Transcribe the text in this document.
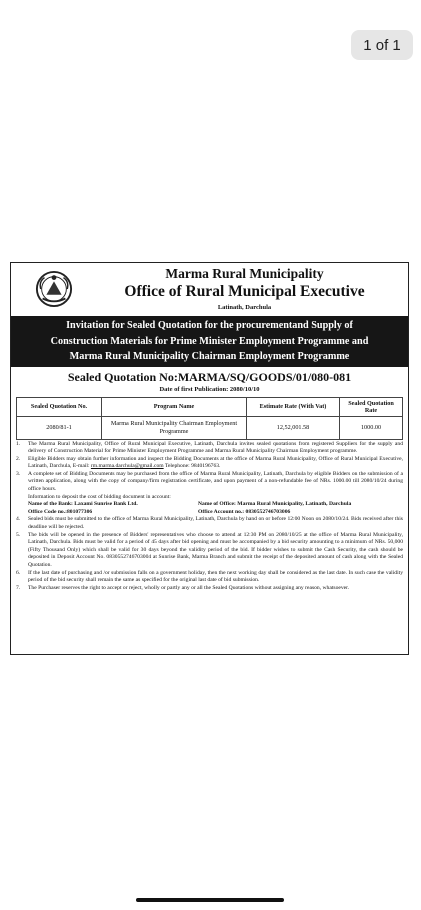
1 of 1
Marma Rural Municipality
Office of Rural Municipal Executive
Latinath, Darchula
Invitation for Sealed Quotation for the procurementand Supply of
Construction Materials for Prime Minister Employment Programme and
Marma Rural Municipality Chairman Employment Programme
Sealed Quotation No:MARMA/SQ/GOODS/01/080-081
Date of first Publication: 2080/10/10
Sealed Quotation No.	Program Name	Estimate Rate (With Vat)	Sealed Quotation Rate
2080/81-1	Marma Rural Municipality Chairman Employment Programme	12,52,001.58	1000.00
1. The Marma Rural Municipality, Office of Rural Municipal Executive, Latinath, Darchula invites sealed quotations from registered Suppliers for the supply and delivery of Construction Material for Prime Minister Employment Programme and Marma Rural Municipality Chairman Employment programme.
2. Eligible Bidders may obtain further information and inspect the Bidding Documents at the office of Marma Rural Municipality, Office of Rural Municipal Executive, Latinath, Darchula, E-mail: rm.marma.darchula@gmail.com Telephone: 9840196763.
3. A complete set of Bidding Documents may be purchased from the office of Marma Rural Municipality, Latinath, Darchula by eligible Bidders on the submission of a written application, along with the copy of company/firm registration certificate, and upon payment of a non-refundable fee of NRs. 1000.00 till 2080/10/24 during office hours.
Information to deposit the cost of bidding document in account:
Name of the Bank: Laxami Sunrise Bank Ltd.	Name of Office: Marma Rural Municipality, Latinath, Darchula
Office Code no.:801077306	Office Account no.: 0830552746703006
4. Sealed bids must be submitted to the office of Marma Rural Municipality, Latinath, Darchula by hand on or before 12:00 Noon on 2080/10/24. Bids received after this deadline will be rejected.
5. The bids will be opened in the presence of Bidders' representatives who choose to attend at 12:30 PM on 2080/10/25 at the office of Marma Rural Municipality, Latinath, Darchula. Bids must be valid for a period of 45 days after bid opening and must be accompanied by a bid security amounting to a minimum of NRs. 50,000 (Fifty Thousand Only) which shall be valid for 30 days beyond the validity period of the bid. If bidder wishes to submit the Cash Security, the cash should be deposited in Deposit Account No. 0830552746703004 at Sunrise Bank, Marma Branch and submit the receipt of the deposited amount of cash along with the Sealed Quotation.
6. If the last date of purchasing and /or submission falls on a government holiday, then the next working day shall be considered as the last date. In such case the validity period of the bid security shall remain the same as specified for the original last date of bid submission.
7. The Purchaser reserves the right to accept or reject, wholly or partly any or all the Sealed Quotations without assigning any reason, whatsoever.
